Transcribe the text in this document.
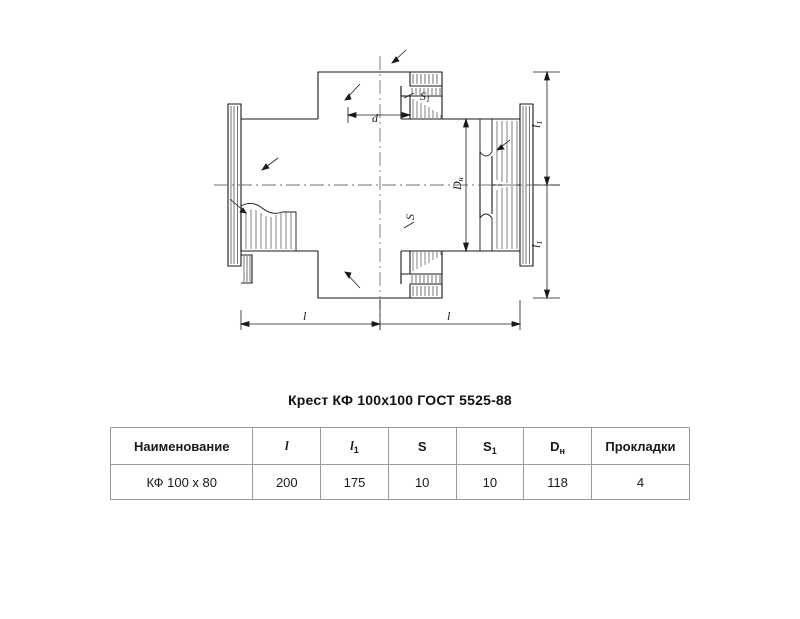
l	l
l1
l1
Dн
d
S1
S
Крест КФ 100х100 ГОСТ 5525-88
Наименование	l	$l_1$	S	$S_1$	$D_н$	Прокладки
КФ 100 х 80	200	175	10	10	118	4
